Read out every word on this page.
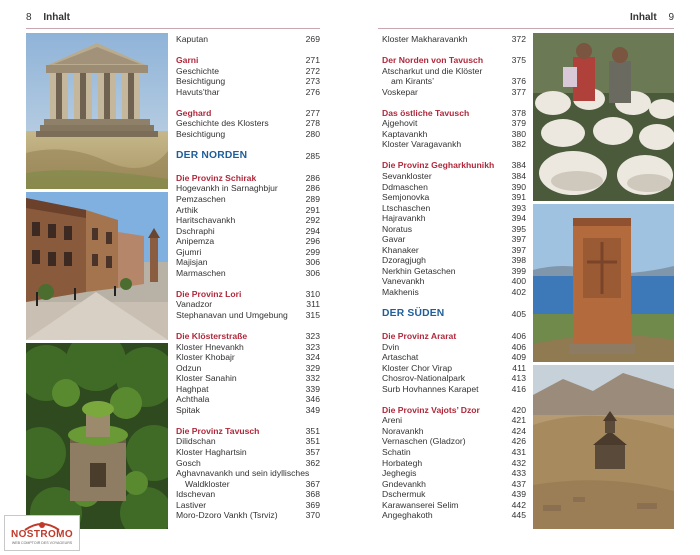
8 Inhalt	Inhalt 9
NOSTROMO
WEB COMPTOIR DES VOYAGEURS
Kaputan	269
Garni	271
Geschichte	272
Besichtigung	273
Havuts’thar	276
Geghard	277
Geschichte des Klosters	278
Besichtigung	280
DER NORDEN	285
Die Provinz Schirak	286
Hogevankh in Sarnaghbjur	286
Pemzaschen	289
Arthik	291
Haritschavankh	292
Dschraphi	294
Anipemza	296
Gjumri	299
Majisjan	306
Marmaschen	306
Die Provinz Lori	310
Vanadzor	311
Stephanavan und Umgebung	315
Die Klösterstraße	323
Kloster Hnevankh	323
Kloster Khobajr	324
Odzun	329
Kloster Sanahin	332
Haghpat	339
Achthala	346
Spitak	349
Die Provinz Tavusch	351
Dilidschan	351
Kloster Haghartsin	357
Gosch	362
Aghavnavankh und sein idyllisches
Waldkloster	367
Idschevan	368
Lastiver	369
Moro-Dzoro Vankh (Tsrviz)	370
Kloster Makharavankh	372
Der Norden von Tavusch	375
Atscharkut und die Klöster
am Kirants’	376
Voskepar	377
Das östliche Tavusch	378
Ajgehovit	379
Kaptavankh	380
Kloster Varagavankh	382
Die Provinz Gegharkhunikh	384
Sevankloster	384
Ddmaschen	390
Semjonovka	391
Ltschaschen	393
Hajravankh	394
Noratus	395
Gavar	397
Khanaker	397
Dzoragjugh	398
Nerkhin Getaschen	399
Vanevankh	400
Makhenis	402
DER SÜDEN	405
Die Provinz Ararat	406
Dvin	406
Artaschat	409
Kloster Chor Virap	411
Chosrov-Nationalpark	413
Surb Hovhannes Karapet	416
Die Provinz Vajots’ Dzor	420
Areni	421
Noravankh	424
Vernaschen (Gladzor)	426
Schatin	431
Horbategh	432
Jeghegis	433
Gndevankh	437
Dschermuk	439
Karawanserei Selim	442
Angeghakoth	445
